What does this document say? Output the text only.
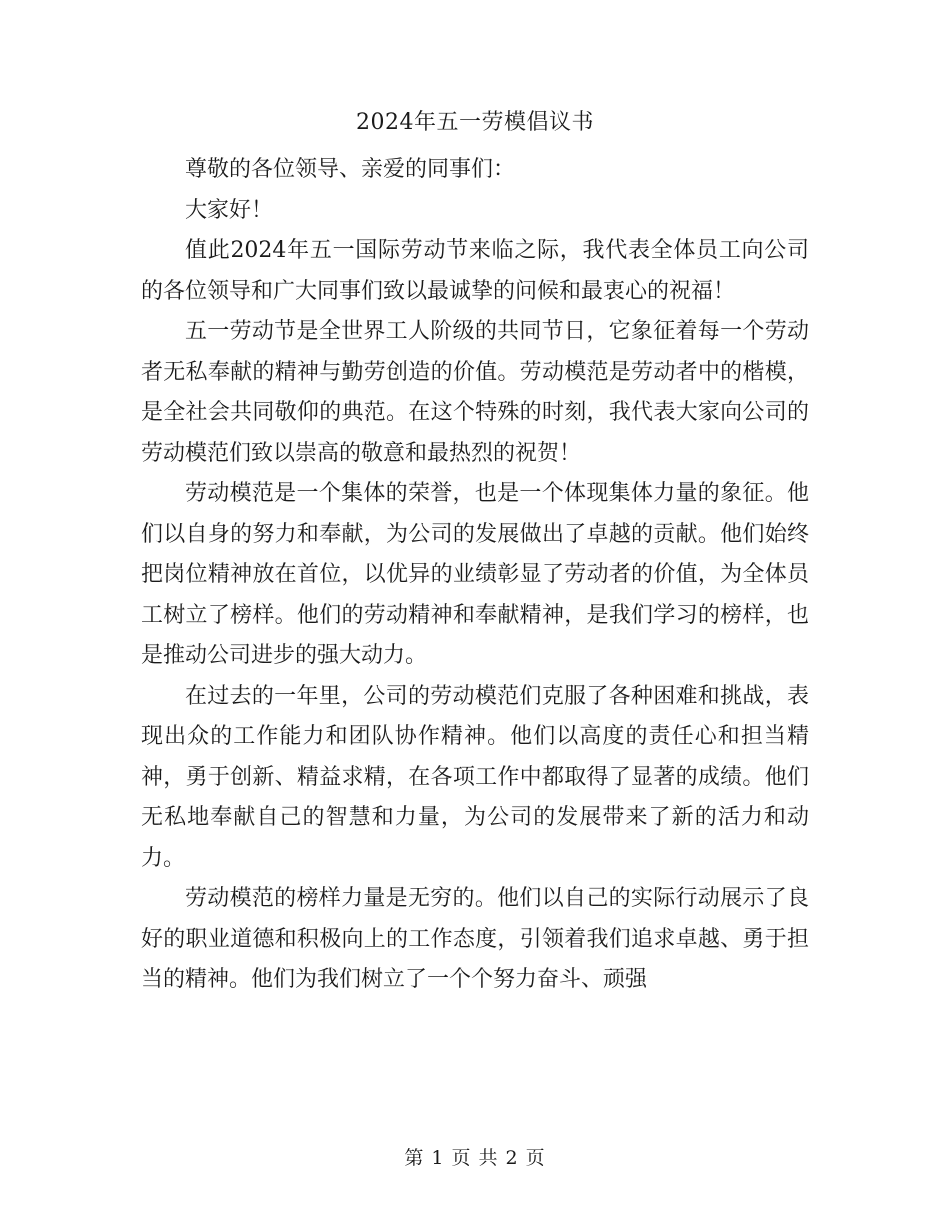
2024年五一劳模倡议书

尊敬的各位领导、亲爱的同事们：

大家好！

值此2024年五一国际劳动节来临之际，我代表全体员工向公司的各位领导和广大同事们致以最诚挚的问候和最衷心的祝福！

五一劳动节是全世界工人阶级的共同节日，它象征着每一个劳动者无私奉献的精神与勤劳创造的价值。劳动模范是劳动者中的楷模，是全社会共同敬仰的典范。在这个特殊的时刻，我代表大家向公司的劳动模范们致以崇高的敬意和最热烈的祝贺！

劳动模范是一个集体的荣誉，也是一个体现集体力量的象征。他们以自身的努力和奉献，为公司的发展做出了卓越的贡献。他们始终把岗位精神放在首位，以优异的业绩彰显了劳动者的价值，为全体员工树立了榜样。他们的劳动精神和奉献精神，是我们学习的榜样，也是推动公司进步的强大动力。

在过去的一年里，公司的劳动模范们克服了各种困难和挑战，表现出众的工作能力和团队协作精神。他们以高度的责任心和担当精神，勇于创新、精益求精，在各项工作中都取得了显著的成绩。他们无私地奉献自己的智慧和力量，为公司的发展带来了新的活力和动力。

劳动模范的榜样力量是无穷的。他们以自己的实际行动展示了良好的职业道德和积极向上的工作态度，引领着我们追求卓越、勇于担当的精神。他们为我们树立了一个个努力奋斗、顽强

第 1 页 共 2 页
